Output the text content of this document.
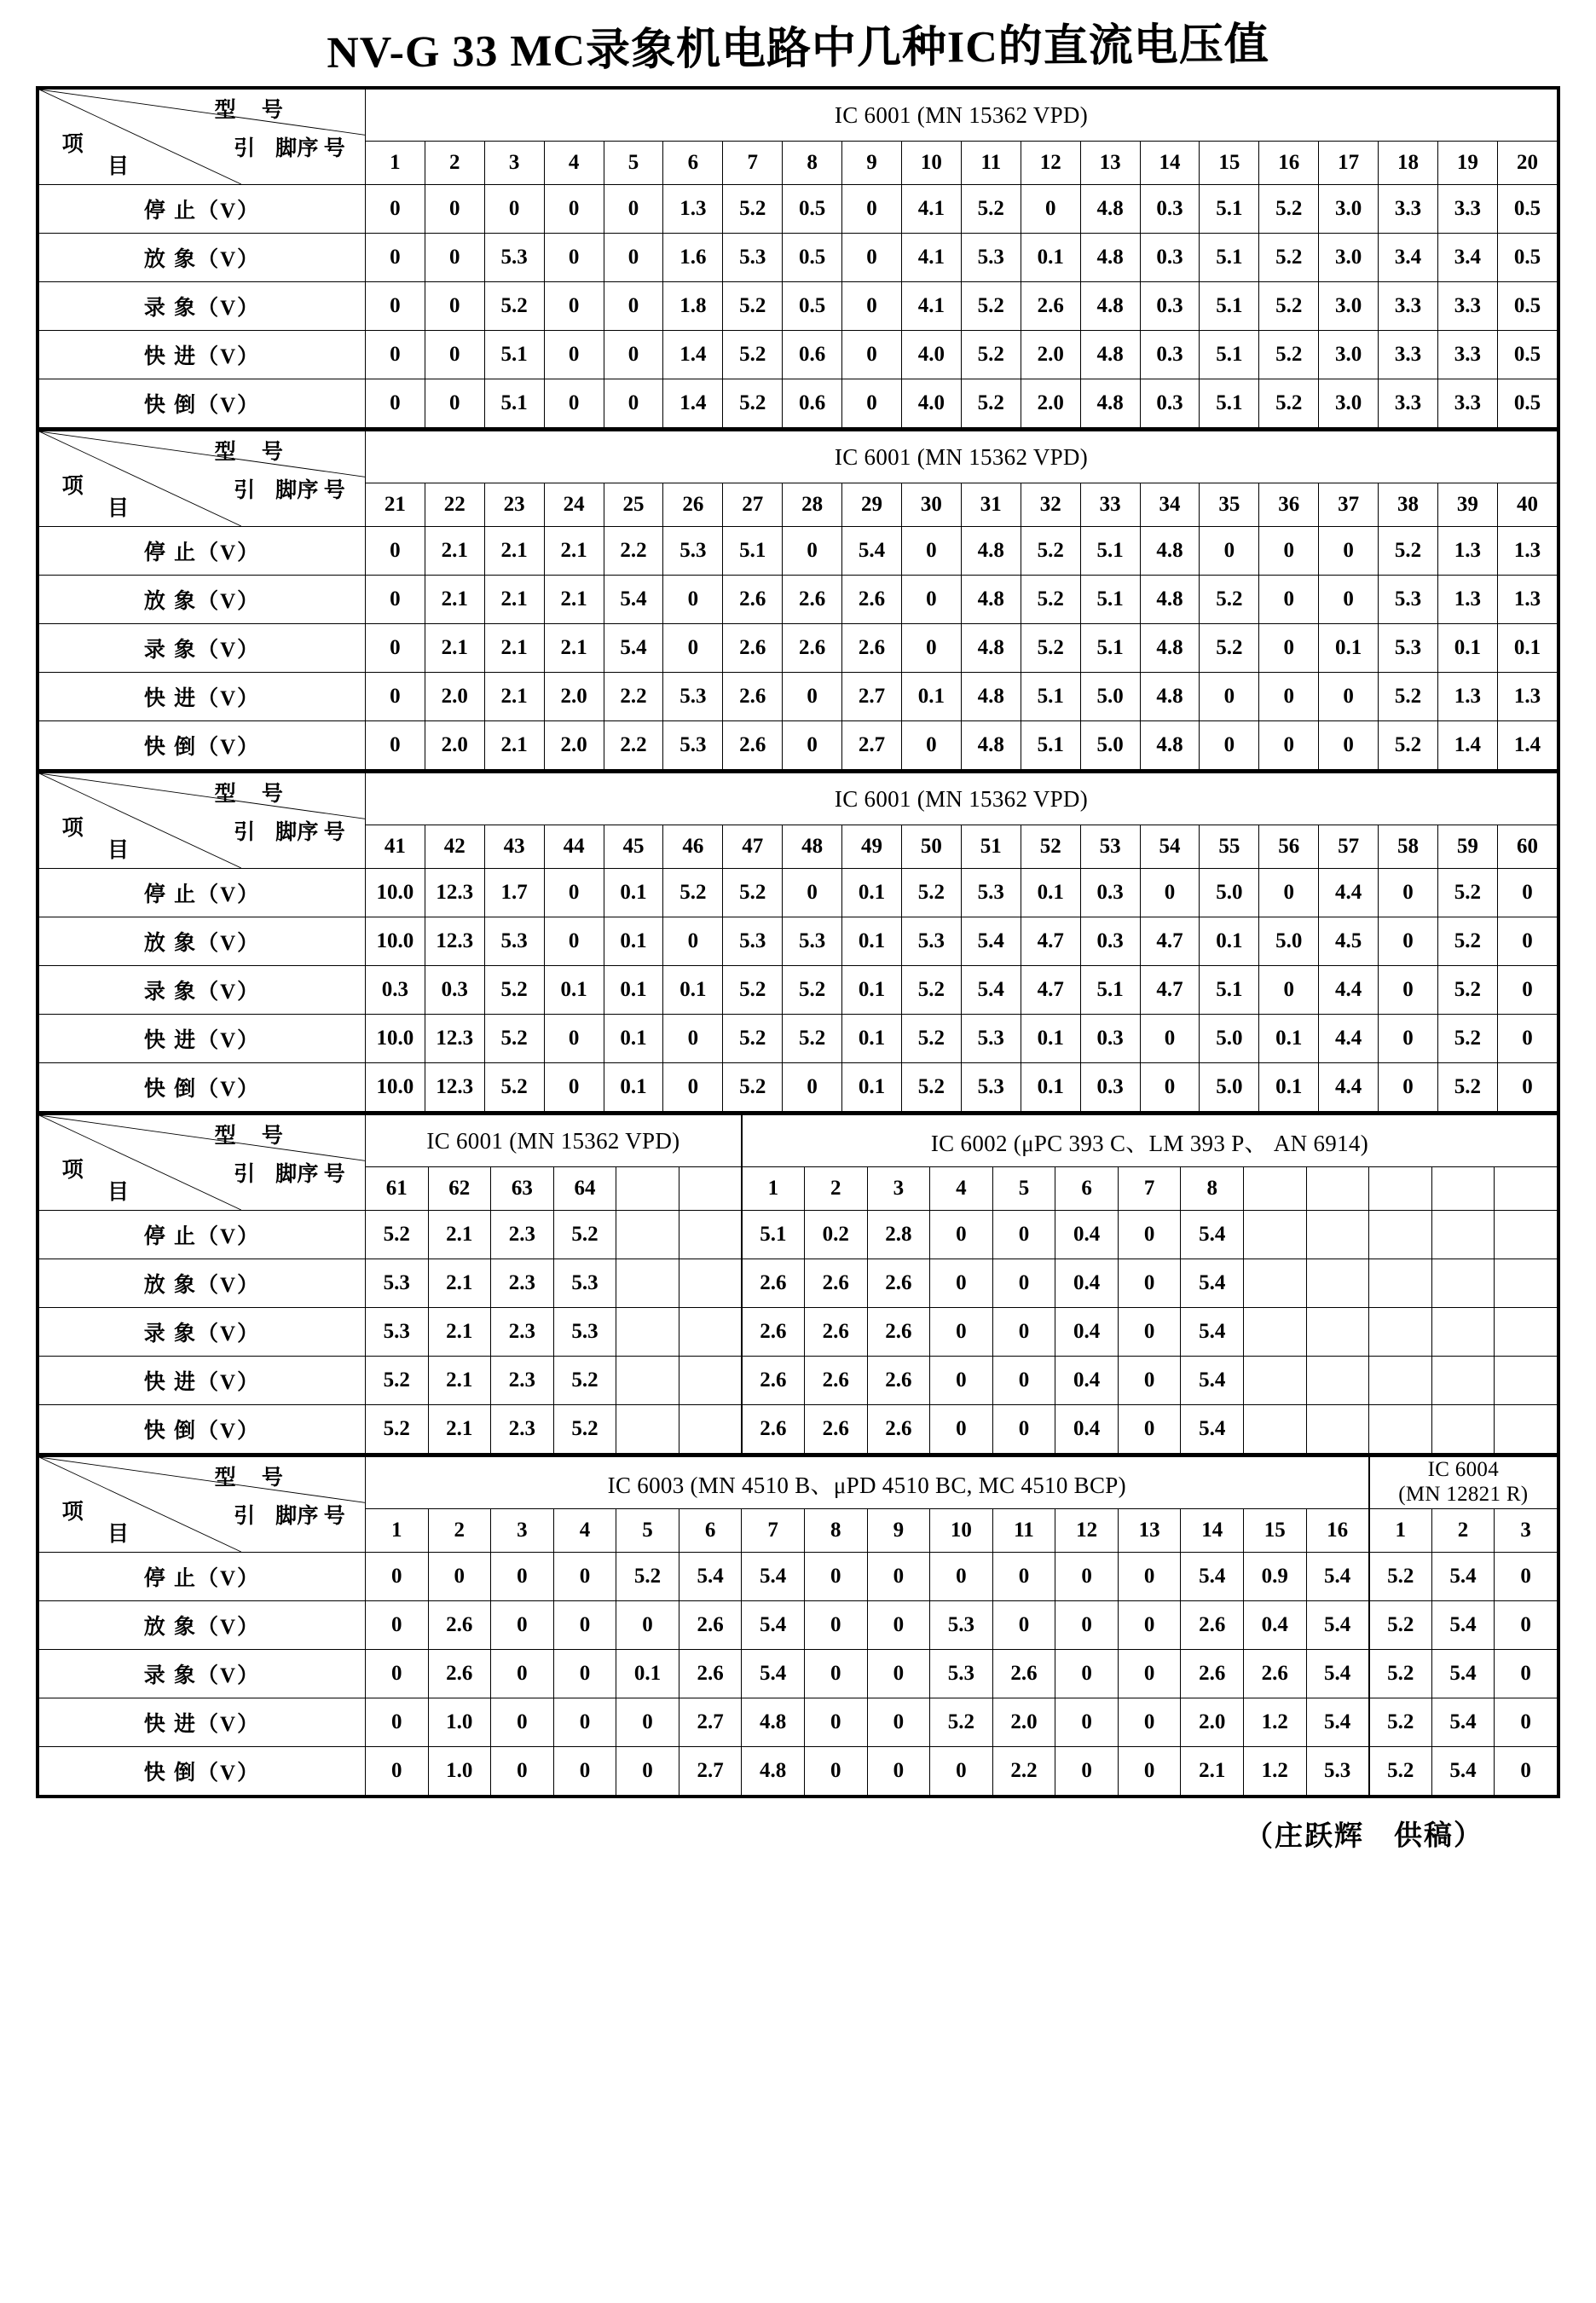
NV-G 33 MC录象机电路中几种IC的直流电压值
型 号
引 脚序 号
项目	IC 6001 (MN 15362 VPD)																			
	1	2	3	4	5	6	7	8	9	10	11	12	13	14	15	16	17	18	19	20
停 止（V）	0	0	0	0	0	1.3	5.2	0.5	0	4.1	5.2	0	4.8	0.3	5.1	5.2	3.0	3.3	3.3	0.5
放 象（V）	0	0	5.3	0	0	1.6	5.3	0.5	0	4.1	5.3	0.1	4.8	0.3	5.1	5.2	3.0	3.4	3.4	0.5
录 象（V）	0	0	5.2	0	0	1.8	5.2	0.5	0	4.1	5.2	2.6	4.8	0.3	5.1	5.2	3.0	3.3	3.3	0.5
快 进（V）	0	0	5.1	0	0	1.4	5.2	0.6	0	4.0	5.2	2.0	4.8	0.3	5.1	5.2	3.0	3.3	3.3	0.5
快 倒（V）	0	0	5.1	0	0	1.4	5.2	0.6	0	4.0	5.2	2.0	4.8	0.3	5.1	5.2	3.0	3.3	3.3	0.5
型 号
引 脚序 号
项目	IC 6001 (MN 15362 VPD)																			
	21	22	23	24	25	26	27	28	29	30	31	32	33	34	35	36	37	38	39	40
停 止（V）	0	2.1	2.1	2.1	2.2	5.3	5.1	0	5.4	0	4.8	5.2	5.1	4.8	0	0	0	5.2	1.3	1.3
放 象（V）	0	2.1	2.1	2.1	5.4	0	2.6	2.6	2.6	0	4.8	5.2	5.1	4.8	5.2	0	0	5.3	1.3	1.3
录 象（V）	0	2.1	2.1	2.1	5.4	0	2.6	2.6	2.6	0	4.8	5.2	5.1	4.8	5.2	0	0.1	5.3	0.1	0.1
快 进（V）	0	2.0	2.1	2.0	2.2	5.3	2.6	0	2.7	0.1	4.8	5.1	5.0	4.8	0	0	0	5.2	1.3	1.3
快 倒（V）	0	2.0	2.1	2.0	2.2	5.3	2.6	0	2.7	0	4.8	5.1	5.0	4.8	0	0	0	5.2	1.4	1.4
型 号
引 脚序 号
项目	IC 6001 (MN 15362 VPD)																			
	41	42	43	44	45	46	47	48	49	50	51	52	53	54	55	56	57	58	59	60
停 止（V）	10.0	12.3	1.7	0	0.1	5.2	5.2	0	0.1	5.2	5.3	0.1	0.3	0	5.0	0	4.4	0	5.2	0
放 象（V）	10.0	12.3	5.3	0	0.1	0	5.3	5.3	0.1	5.3	5.4	4.7	0.3	4.7	0.1	5.0	4.5	0	5.2	0
录 象（V）	0.3	0.3	5.2	0.1	0.1	0.1	5.2	5.2	0.1	5.2	5.4	4.7	5.1	4.7	5.1	0	4.4	0	5.2	0
快 进（V）	10.0	12.3	5.2	0	0.1	0	5.2	5.2	0.1	5.2	5.3	0.1	0.3	0	5.0	0.1	4.4	0	5.2	0
快 倒（V）	10.0	12.3	5.2	0	0.1	0	5.2	0	0.1	5.2	5.3	0.1	0.3	0	5.0	0.1	4.4	0	5.2	0
型 号
引 脚序 号
项目	IC 6001 (MN 15362 VPD)						IC 6002 (μPC 393 C、LM 393 P、 AN 6914)												
	61	62	63	64			1	2	3	4	5	6	7	8					
停 止（V）	5.2	2.1	2.3	5.2			5.1	0.2	2.8	0	0	0.4	0	5.4					
放 象（V）	5.3	2.1	2.3	5.3			2.6	2.6	2.6	0	0	0.4	0	5.4					
录 象（V）	5.3	2.1	2.3	5.3			2.6	2.6	2.6	0	0	0.4	0	5.4					
快 进（V）	5.2	2.1	2.3	5.2			2.6	2.6	2.6	0	0	0.4	0	5.4					
快 倒（V）	5.2	2.1	2.3	5.2			2.6	2.6	2.6	0	0	0.4	0	5.4					
型 号
引 脚序 号
项目
	IC 6003 (MN 4510 B、μPD 4510 BC, MC 4510 BCP)	
IC 6004
(MN 12821 R)

	1	2	3	4	5	6	7	8	9	10	11	12	13	14	15	16	1	2	3
停 止（V）	0	0	0	0	5.2	5.4	5.4	0	0	0	0	0	0	5.4	0.9	5.4	5.2	5.4	0
放 象（V）	0	2.6	0	0	0	2.6	5.4	0	0	5.3	0	0	0	2.6	0.4	5.4	5.2	5.4	0
录 象（V）	0	2.6	0	0	0.1	2.6	5.4	0	0	5.3	2.6	0	0	2.6	2.6	5.4	5.2	5.4	0
快 进（V）	0	1.0	0	0	0	2.7	4.8	0	0	5.2	2.0	0	0	2.0	1.2	5.4	5.2	5.4	0
快 倒（V）	0	1.0	0	0	0	2.7	4.8	0	0	0	2.2	0	0	2.1	1.2	5.3	5.2	5.4	0
（庄跃辉　供稿）
